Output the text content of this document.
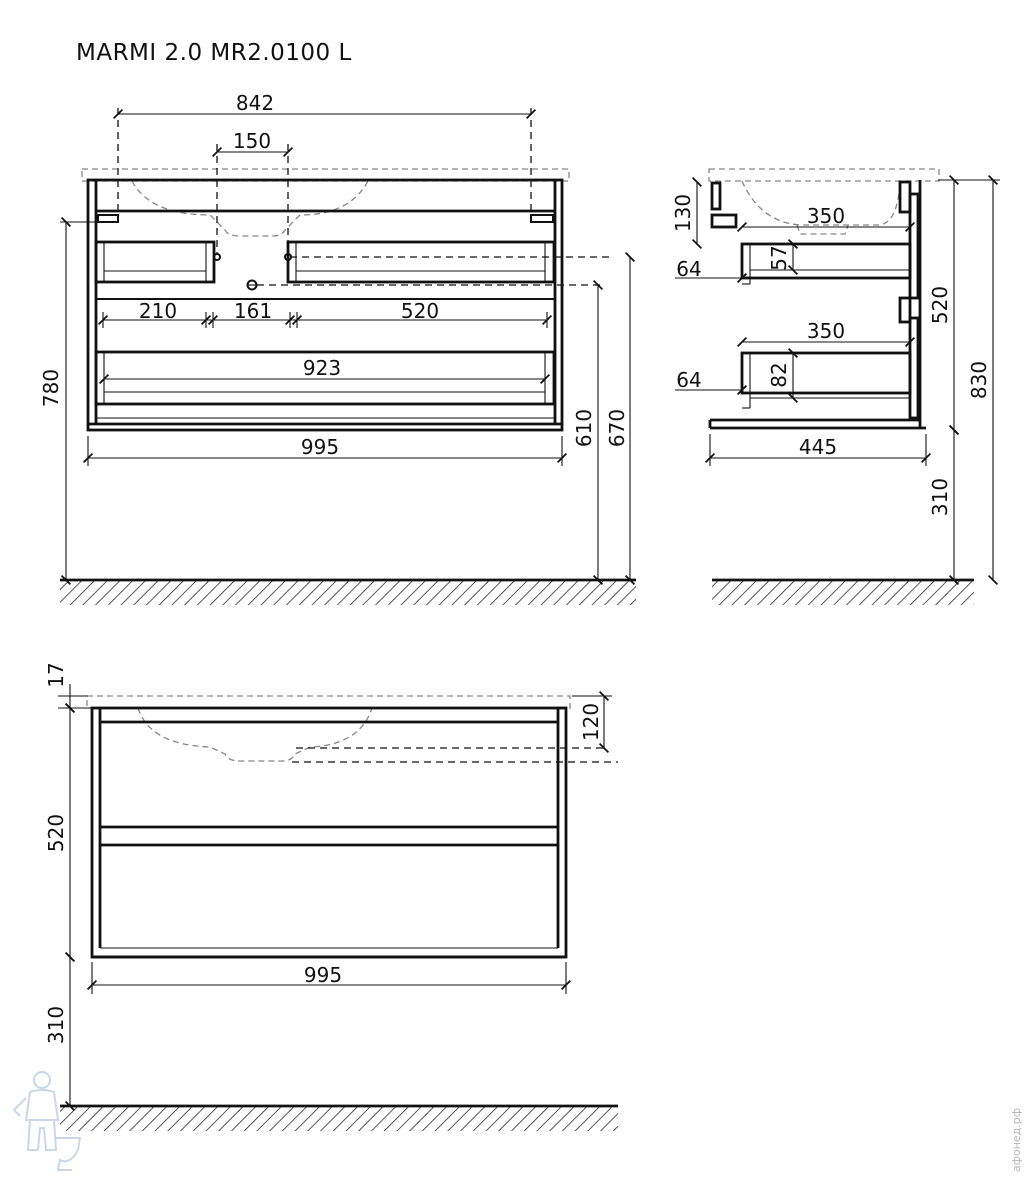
MARMI 2.0 MR2.0100 L
842
150
210	161	520
923
995
780
610 670
130	350
57
64
350
82
64
445
520
310
830
17
520
310
120
995
афонед.рф
